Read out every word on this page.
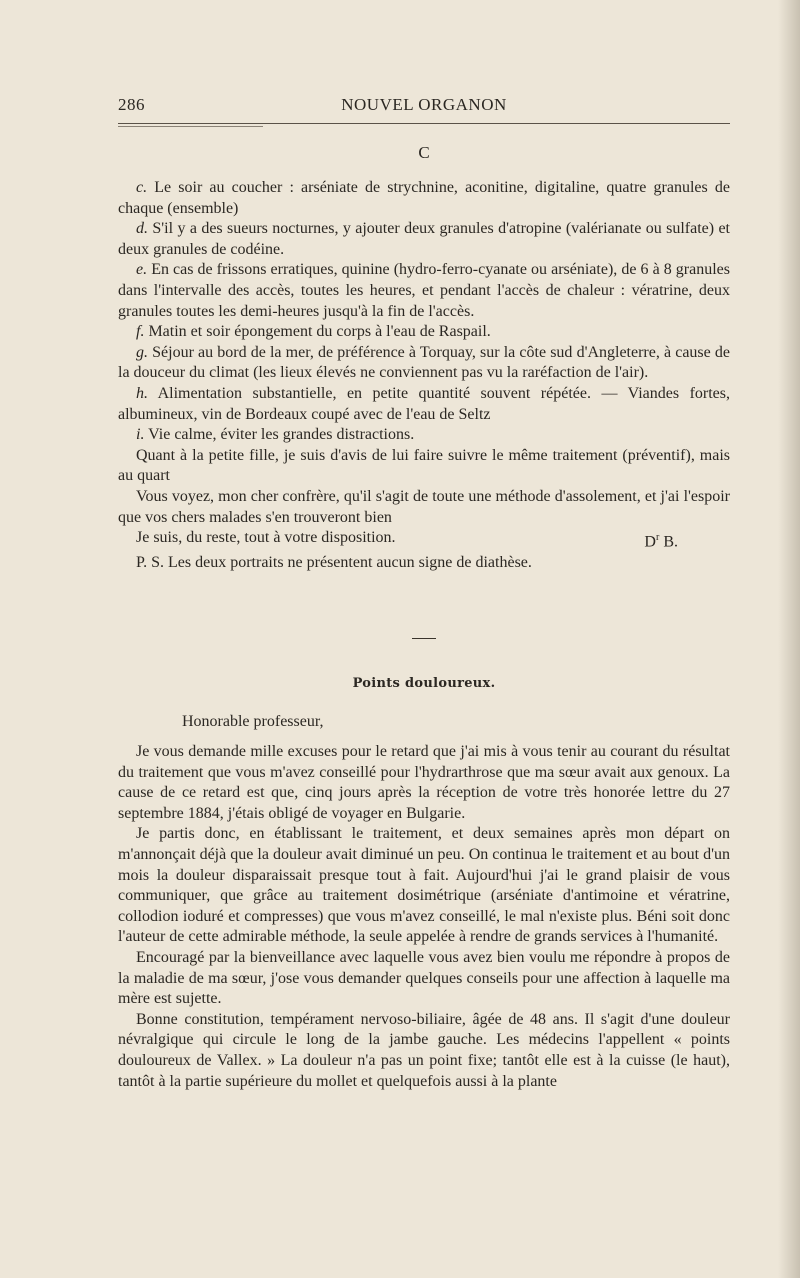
286	NOUVEL ORGANON
C

c. Le soir au coucher : arséniate de strychnine, aconitine, digitaline, quatre granules de chaque (ensemble)

d. S'il y a des sueurs nocturnes, y ajouter deux granules d'atropine (valérianate ou sulfate) et deux granules de codéine.

e. En cas de frissons erratiques, quinine (hydro-ferro-cyanate ou arséniate), de 6 à 8 granules dans l'intervalle des accès, toutes les heures, et pendant l'accès de chaleur : vératrine, deux granules toutes les demi-heures jusqu'à la fin de l'accès.

f. Matin et soir épongement du corps à l'eau de Raspail.

g. Séjour au bord de la mer, de préférence à Torquay, sur la côte sud d'Angleterre, à cause de la douceur du climat (les lieux élevés ne conviennent pas vu la raréfaction de l'air).

h. Alimentation substantielle, en petite quantité souvent répétée. — Viandes fortes, albumineux, vin de Bordeaux coupé avec de l'eau de Seltz

i. Vie calme, éviter les grandes distractions.

Quant à la petite fille, je suis d'avis de lui faire suivre le même traitement (préventif), mais au quart

Vous voyez, mon cher confrère, qu'il s'agit de toute une méthode d'assolement, et j'ai l'espoir que vos chers malades s'en trouveront bien

Je suis, du reste, tout à votre disposition.	$D^r$ B.

P. S. Les deux portraits ne présentent aucun signe de diathèse.

Points douloureux.
Honorable professeur,

Je vous demande mille excuses pour le retard que j'ai mis à vous tenir au courant du résultat du traitement que vous m'avez conseillé pour l'hydrarthrose que ma sœur avait aux genoux. La cause de ce retard est que, cinq jours après la réception de votre très honorée lettre du 27 septembre 1884, j'étais obligé de voyager en Bulgarie.

Je partis donc, en établissant le traitement, et deux semaines après mon départ on m'annonçait déjà que la douleur avait diminué un peu. On continua le traitement et au bout d'un mois la douleur disparaissait presque tout à fait. Aujourd'hui j'ai le grand plaisir de vous communiquer, que grâce au traitement dosimétrique (arséniate d'antimoine et vératrine, collodion ioduré et compresses) que vous m'avez conseillé, le mal n'existe plus. Béni soit donc l'auteur de cette admirable méthode, la seule appelée à rendre de grands services à l'humanité.

Encouragé par la bienveillance avec laquelle vous avez bien voulu me répondre à propos de la maladie de ma sœur, j'ose vous demander quelques conseils pour une affection à laquelle ma mère est sujette.

Bonne constitution, tempérament nervoso-biliaire, âgée de 48 ans. Il s'agit d'une douleur névralgique qui circule le long de la jambe gauche. Les médecins l'appellent « points douloureux de Vallex. » La douleur n'a pas un point fixe; tantôt elle est à la cuisse (le haut), tantôt à la partie supérieure du mollet et quelquefois aussi à la plante
